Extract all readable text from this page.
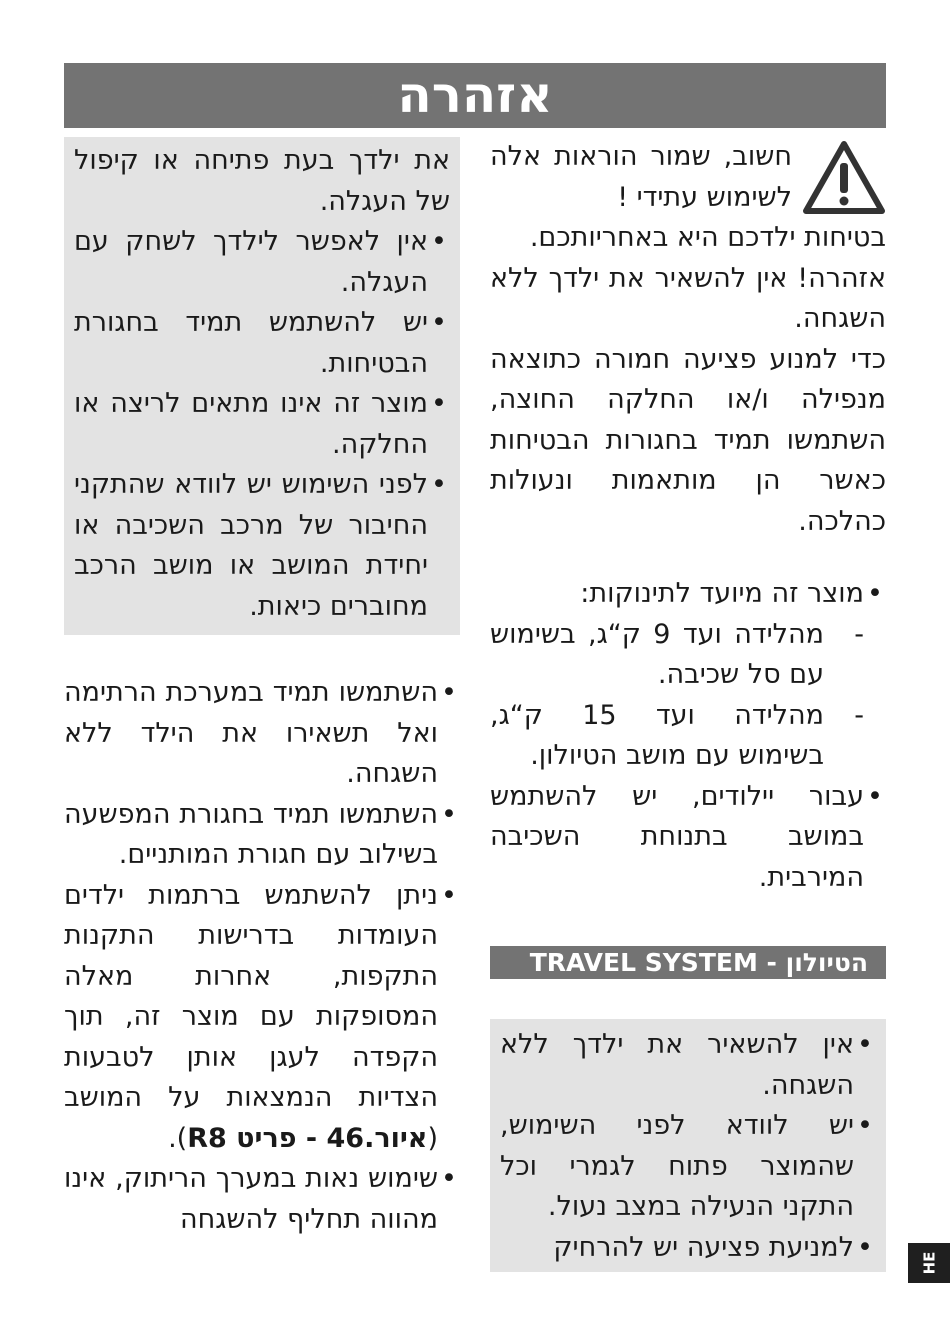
אזהרה

חשוב, שמור הוראות אלה לשימוש עתידי !

בטיחות ילדכם היא באחריותכם.

אזהרה! אין להשאיר את ילדך ללא השגחה.

כדי למנוע פציעה חמורה כתוצאה מנפילה ו/או החלקה החוצה, השתמשו תמיד בחגורות הבטיחות כאשר הן מותאמות ונעולות כהלכה.

•

מוצר זה מיועד לתינוקות:

-

מהלידה ועד 9 ק“ג, בשימוש עם סל שכיבה.

-

מהלידה ועד 15 ק“ג, בשימוש עם מושב הטיולון.

•

עבור יילודים, יש להשתמש במושב בתנוחת השכיבה המירבית.

הטיולון - TRAVEL SYSTEM
•

אין להשאיר את ילדך ללא השגחה.

•

יש לוודא לפני השימוש, שהמוצר פתוח לגמרי וכל התקני הנעילה במצב נעול.

•

למניעת פציעה יש להרחיק

את ילדך בעת פתיחה או קיפול של העגלה.

•

אין לאפשר לילדך לשחק עם העגלה.

•

יש להשתמש תמיד בחגורת הבטיחות.

•

מוצר זה אינו מתאים לריצה או החלקה.

•

לפני השימוש יש לוודא שהתקני החיבור של מרכב השכיבה או יחידת המושב או מושב הרכב מחוברים כיאות.

•

השתמשו תמיד במערכת הרתימה ואל תשאירו את הילד ללא השגחה.

•

השתמשו תמיד בחגורת המפשעה בשילוב עם חגורת המותניים.

•

ניתן להשתמש ברתמות ילדים העומדות בדרישות התקנות התקפות, אחרות מאלה המסופקות עם מוצר זה, תוך הקפדה לעגן אותן לטבעות הצדיות הנמצאות על המושב (איור.46 - פריט R8).

•

שימוש נאות במערך הריתוק, אינו מהווה תחליף להשגחה

HE
